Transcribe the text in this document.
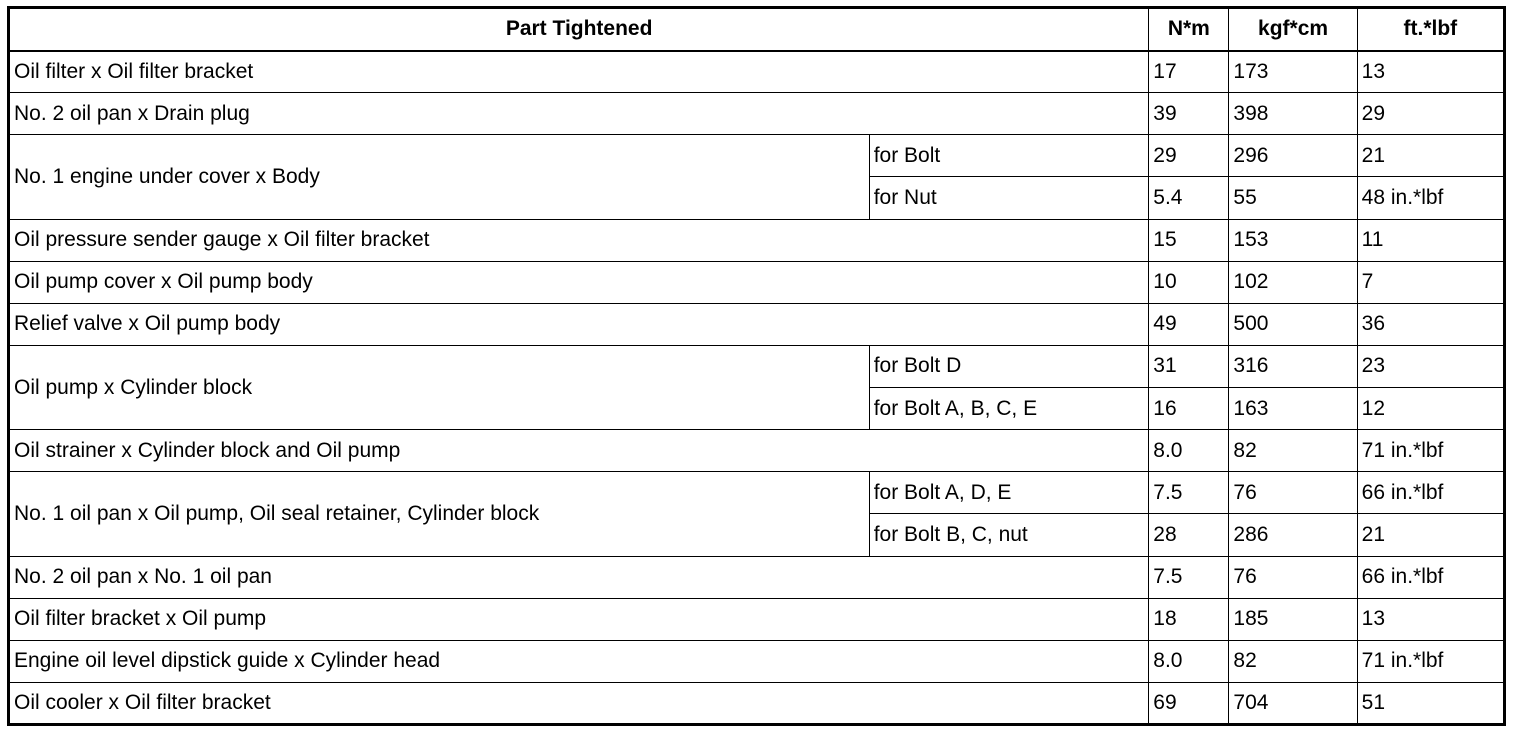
Part Tightened		N*m	kgf*cm	ft.*lbf
Oil filter x Oil filter bracket		17	173	13
No. 2 oil pan x Drain plug		39	398	29
No. 1 engine under cover x Body	for Bolt	29	296	21
	for Nut	5.4	55	48 in.*lbf
Oil pressure sender gauge x Oil filter bracket		15	153	11
Oil pump cover x Oil pump body		10	102	7
Relief valve x Oil pump body		49	500	36
Oil pump x Cylinder block	for Bolt D	31	316	23
	for Bolt A, B, C, E	16	163	12
Oil strainer x Cylinder block and Oil pump		8.0	82	71 in.*lbf
No. 1 oil pan x Oil pump, Oil seal retainer, Cylinder block	for Bolt A, D, E	7.5	76	66 in.*lbf
	for Bolt B, C, nut	28	286	21
No. 2 oil pan x No. 1 oil pan		7.5	76	66 in.*lbf
Oil filter bracket x Oil pump		18	185	13
Engine oil level dipstick guide x Cylinder head		8.0	82	71 in.*lbf
Oil cooler x Oil filter bracket		69	704	51
